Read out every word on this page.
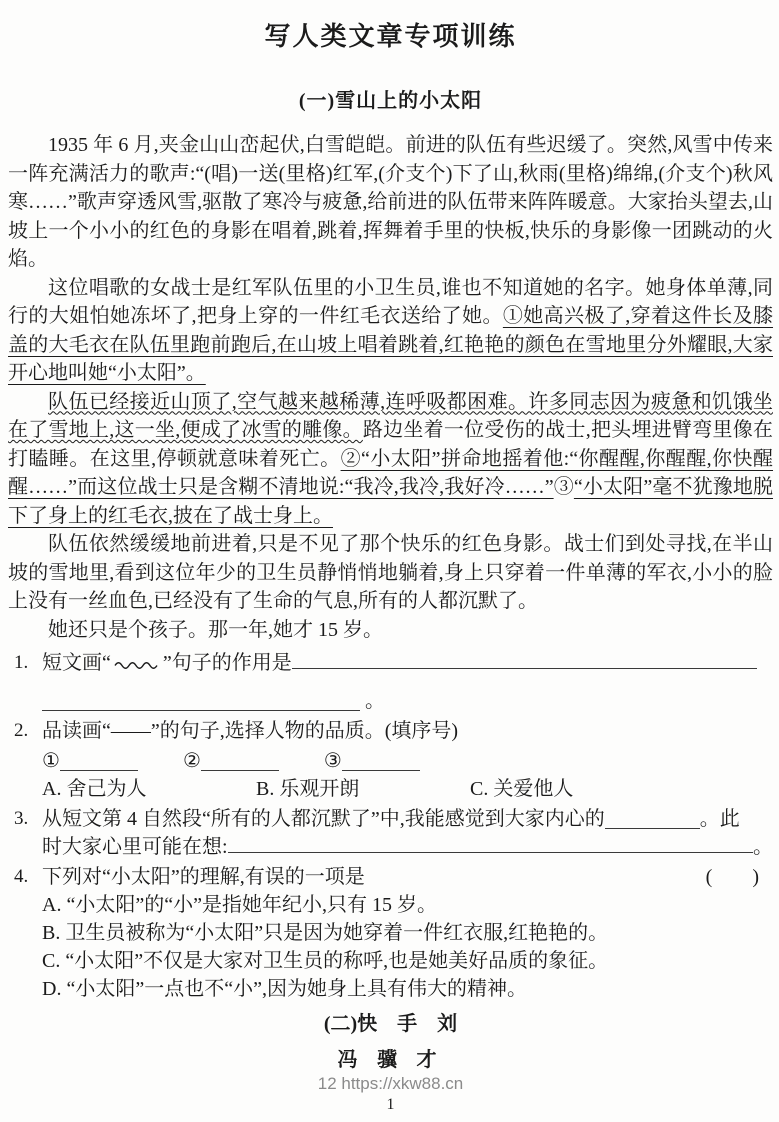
写人类文章专项训练
(一)雪山上的小太阳

1935 年 6 月,夹金山山峦起伏,白雪皑皑。前进的队伍有些迟缓了。突然,风雪中传来一阵充满活力的歌声:“(唱)一送(里格)红军,(介支个)下了山,秋雨(里格)绵绵,(介支个)秋风寒……”歌声穿透风雪,驱散了寒冷与疲惫,给前进的队伍带来阵阵暖意。大家抬头望去,山坡上一个小小的红色的身影在唱着,跳着,挥舞着手里的快板,快乐的身影像一团跳动的火焰。

这位唱歌的女战士是红军队伍里的小卫生员,谁也不知道她的名字。她身体单薄,同行的大姐怕她冻坏了,把身上穿的一件红毛衣送给了她。①她高兴极了,穿着这件长及膝盖的大毛衣在队伍里跑前跑后,在山坡上唱着跳着,红艳艳的颜色在雪地里分外耀眼,大家开心地叫她“小太阳”。

队伍已经接近山顶了,空气越来越稀薄,连呼吸都困难。许多同志因为疲惫和饥饿坐在了雪地上,这一坐,便成了冰雪的雕像。路边坐着一位受伤的战士,把头埋进臂弯里像在打瞌睡。在这里,停顿就意味着死亡。②“小太阳”拼命地摇着他:“你醒醒,你醒醒,你快醒醒……”而这位战士只是含糊不清地说:“我冷,我冷,我好冷……”③“小太阳”毫不犹豫地脱下了身上的红毛衣,披在了战士身上。

队伍依然缓缓地前进着,只是不见了那个快乐的红色身影。战士们到处寻找,在半山坡的雪地里,看到这位年少的卫生员静悄悄地躺着,身上只穿着一件单薄的军衣,小小的脸上没有一丝血色,已经没有了生命的气息,所有的人都沉默了。

她还只是个孩子。那一年,她才 15 岁。

1. 短文画“	”句子的作用是
。
2. 品读画“——”的句子,选择人物的品质。(填序号)
①	②	③
A. 舍己为人	B. 乐观开朗	C. 关爱他人
3. 从短文第 4 自然段“所有的人都沉默了”中,我能感觉到大家内心的	。此
时大家心里可能在想:	。
4. 下列对“小太阳”的理解,有误的一项是	(　　)
A. “小太阳”的“小”是指她年纪小,只有 15 岁。
B. 卫生员被称为“小太阳”只是因为她穿着一件红衣服,红艳艳的。
C. “小太阳”不仅是大家对卫生员的称呼,也是她美好品质的象征。
D. “小太阳”一点也不“小”,因为她身上具有伟大的精神。
(二)快　手　刘
冯 骥 才
12 https://xkw88.cn
1
